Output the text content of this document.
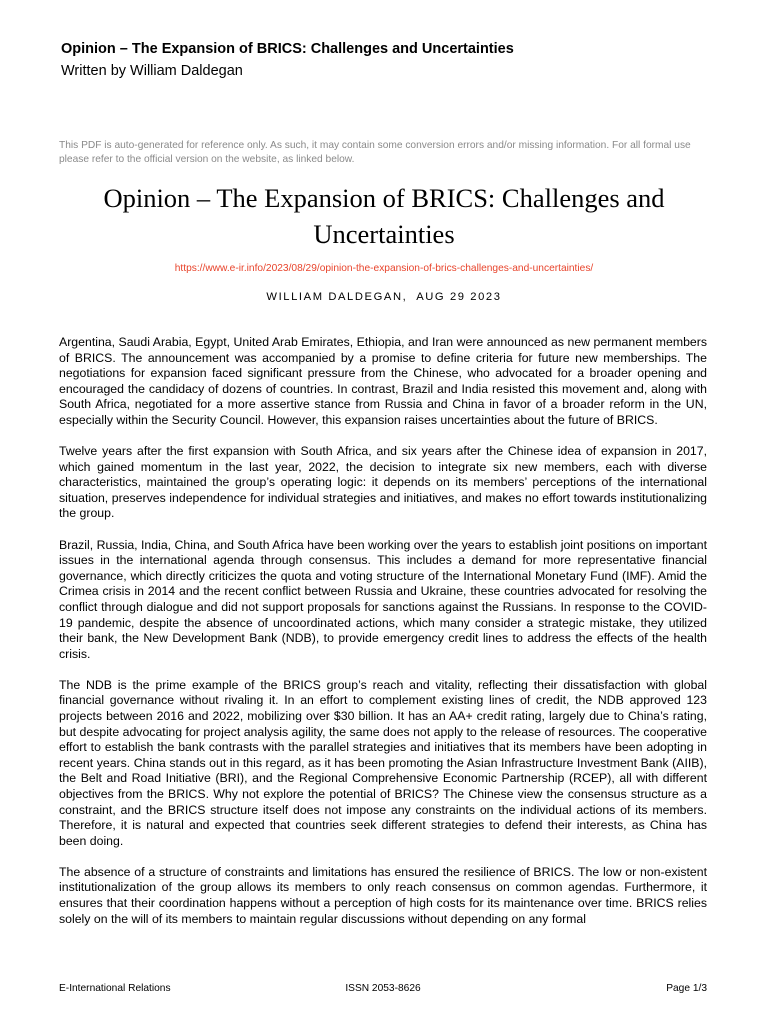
Opinion – The Expansion of BRICS: Challenges and Uncertainties
Written by William Daldegan
This PDF is auto-generated for reference only. As such, it may contain some conversion errors and/or missing information. For all formal use please refer to the official version on the website, as linked below.
Opinion – The Expansion of BRICS: Challenges and Uncertainties
https://www.e-ir.info/2023/08/29/opinion-the-expansion-of-brics-challenges-and-uncertainties/
WILLIAM DALDEGAN, AUG 29 2023

Argentina, Saudi Arabia, Egypt, United Arab Emirates, Ethiopia, and Iran were announced as new permanent members of BRICS. The announcement was accompanied by a promise to define criteria for future new memberships. The negotiations for expansion faced significant pressure from the Chinese, who advocated for a broader opening and encouraged the candidacy of dozens of countries. In contrast, Brazil and India resisted this movement and, along with South Africa, negotiated for a more assertive stance from Russia and China in favor of a broader reform in the UN, especially within the Security Council. However, this expansion raises uncertainties about the future of BRICS.

Twelve years after the first expansion with South Africa, and six years after the Chinese idea of expansion in 2017, which gained momentum in the last year, 2022, the decision to integrate six new members, each with diverse characteristics, maintained the group’s operating logic: it depends on its members’ perceptions of the international situation, preserves independence for individual strategies and initiatives, and makes no effort towards institutionalizing the group.

Brazil, Russia, India, China, and South Africa have been working over the years to establish joint positions on important issues in the international agenda through consensus. This includes a demand for more representative financial governance, which directly criticizes the quota and voting structure of the International Monetary Fund (IMF). Amid the Crimea crisis in 2014 and the recent conflict between Russia and Ukraine, these countries advocated for resolving the conflict through dialogue and did not support proposals for sanctions against the Russians. In response to the COVID-19 pandemic, despite the absence of uncoordinated actions, which many consider a strategic mistake, they utilized their bank, the New Development Bank (NDB), to provide emergency credit lines to address the effects of the health crisis.

The NDB is the prime example of the BRICS group’s reach and vitality, reflecting their dissatisfaction with global financial governance without rivaling it. In an effort to complement existing lines of credit, the NDB approved 123 projects between 2016 and 2022, mobilizing over $30 billion. It has an AA+ credit rating, largely due to China’s rating, but despite advocating for project analysis agility, the same does not apply to the release of resources. The cooperative effort to establish the bank contrasts with the parallel strategies and initiatives that its members have been adopting in recent years. China stands out in this regard, as it has been promoting the Asian Infrastructure Investment Bank (AIIB), the Belt and Road Initiative (BRI), and the Regional Comprehensive Economic Partnership (RCEP), all with different objectives from the BRICS. Why not explore the potential of BRICS? The Chinese view the consensus structure as a constraint, and the BRICS structure itself does not impose any constraints on the individual actions of its members. Therefore, it is natural and expected that countries seek different strategies to defend their interests, as China has been doing.

The absence of a structure of constraints and limitations has ensured the resilience of BRICS. The low or non-existent institutionalization of the group allows its members to only reach consensus on common agendas. Furthermore, it ensures that their coordination happens without a perception of high costs for its maintenance over time. BRICS relies solely on the will of its members to maintain regular discussions without depending on any formal

E-International Relations	ISSN 2053-8626	Page 1/3
